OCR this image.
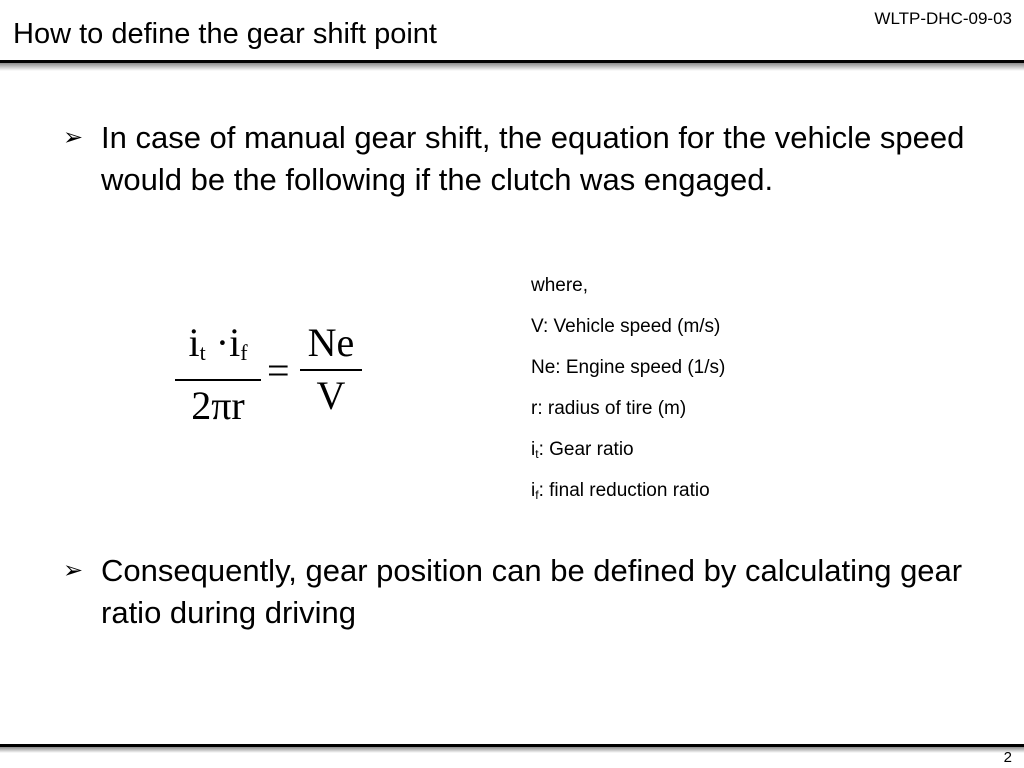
How to define the gear shift point	WLTP-DHC-09-03
➢ In case of manual gear shift, the equation for the vehicle speed would be the following if the clutch was engaged.
$i_t \cdot i_f$
2πr
=
Ne
V
where,
V: Vehicle speed (m/s)
Ne: Engine speed (1/s)
r: radius of tire (m)
$i_t$: Gear ratio
$i_f$: final reduction ratio
➢ Consequently, gear position can be defined by calculating gear ratio during driving
2
